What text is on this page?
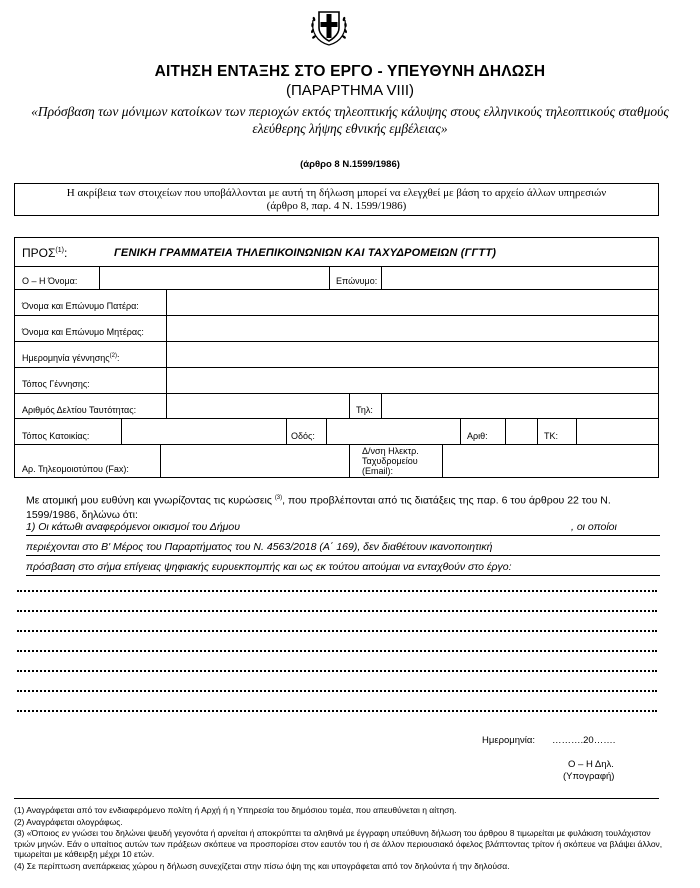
ΑΙΤΗΣΗ ΕΝΤΑΞΗΣ ΣΤΟ ΕΡΓΟ - ΥΠΕΥΘΥΝΗ ΔΗΛΩΣΗ
(ΠΑΡΑΡΤΗΜΑ VIII)
«Πρόσβαση των μόνιμων κατοίκων των περιοχών εκτός τηλεοπτικής κάλυψης στους ελληνικούς τηλεοπτικούς σταθμούς ελεύθερης λήψης εθνικής εμβέλειας»
(άρθρο 8 Ν.1599/1986)
Η ακρίβεια των στοιχείων που υποβάλλονται με αυτή τη δήλωση μπορεί να ελεγχθεί με βάση το αρχείο άλλων υπηρεσιών
(άρθρο 8, παρ. 4 Ν. 1599/1986)
ΠΡΟΣ$^{(1)}$:	ΓΕΝΙΚΗ ΓΡΑΜΜΑΤΕΙΑ ΤΗΛΕΠΙΚΟΙΝΩΝΙΩΝ ΚΑΙ ΤΑΧΥΔΡΟΜΕΙΩΝ (ΓΓΤΤ)
Ο – Η Όνομα:	Επώνυμο:
Όνομα και Επώνυμο Πατέρα:
Όνομα και Επώνυμο Μητέρας:
Ημερομηνία γέννησης$^{(2)}$:
Τόπος Γέννησης:
Αριθμός Δελτίου Ταυτότητας:	Τηλ:
Τόπος Κατοικίας:	Οδός:	Αριθ:	ΤΚ:
Αρ. Τηλεομοιοτύπου (Fax):
Δ/νση Ηλεκτρ.
Ταχυδρομείου
(Email):
Με ατομική μου ευθύνη και γνωρίζοντας τις κυρώσεις $^{(3)}$, που προβλέπονται από τις διατάξεις της παρ. 6 του άρθρου 22 του Ν. 1599/1986, δηλώνω ότι:
1) Οι κάτωθι αναφερόμενοι οικισμοί του Δήμου	, οι οποίοι
περιέχονται στο Β' Μέρος του Παραρτήματος του Ν. 4563/2018 (Α΄ 169), δεν διαθέτουν ικανοποιητική
πρόσβαση στο σήμα επίγειας ψηφιακής ευρυεκπομπής και ως εκ τούτου αιτούμαι να ενταχθούν στο έργο:
Ημερομηνία: ……….20…….
Ο – Η Δηλ.
(Υπογραφή)

(1) Αναγράφεται από τον ενδιαφερόμενο πολίτη ή Αρχή ή η Υπηρεσία του δημόσιου τομέα, που απευθύνεται η αίτηση.

(2) Αναγράφεται ολογράφως.

(3) «Όποιος εν γνώσει του δηλώνει ψευδή γεγονότα ή αρνείται ή αποκρύπτει τα αληθινά με έγγραφη υπεύθυνη δήλωση του άρθρου 8 τιμωρείται με φυλάκιση τουλάχιστον τριών μηνών. Εάν ο υπαίτιος αυτών των πράξεων σκόπευε να προσπορίσει στον εαυτόν του ή σε άλλον περιουσιακό όφελος βλάπτοντας τρίτον ή σκόπευε να βλάψει άλλον, τιμωρείται με κάθειρξη μέχρι 10 ετών.

(4) Σε περίπτωση ανεπάρκειας χώρου η δήλωση συνεχίζεται στην πίσω όψη της και υπογράφεται από τον δηλούντα ή την δηλούσα.
